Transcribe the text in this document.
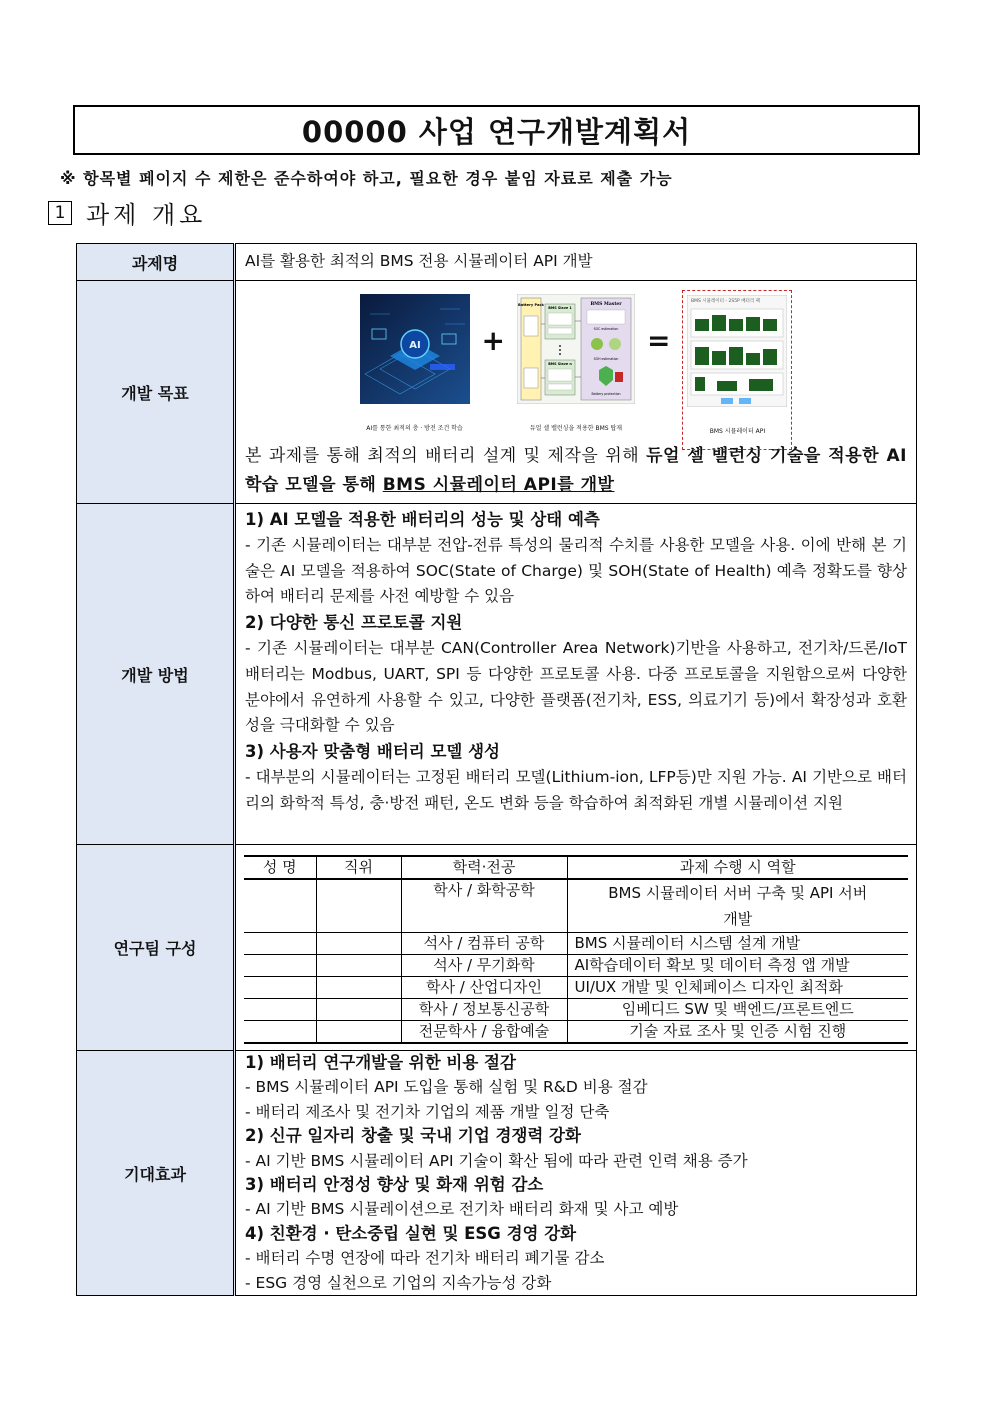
00000 사업 연구개발계획서
※ 항목별 페이지 수 제한은 준수하여야 하고, 필요한 경우 붙임 자료로 제출 가능
1 과제 개요
과제명	AI를 활용한 최적의 BMS 전용 시뮬레이터 API 개발
개발 목표	
AI
AI를 통한 최적의 충 · 방전 조건 학습
+
Battery Pack
BMS Slave 1
BMS Slave n
BMS Master
SOC estimation
SOH estimation
Battery protection
듀얼 셀 밸런싱을 적용한 BMS 탑재
=
BMS 시뮬레이터 - 2S5P 배터리 팩
BMS 시뮬레이터 API
본 과제를 통해 최적의 배터리 설계 및 제작을 위해 듀얼 셀 밸런싱 기술을 적용한 AI 학습 모델을 통해 BMS 시뮬레이터 API를 개발

개발 방법	
1) AI 모델을 적용한 배터리의 성능 및 상태 예측
- 기존 시뮬레이터는 대부분 전압-전류 특성의 물리적 수치를 사용한 모델을 사용. 이에 반해 본 기술은 AI 모델을 적용하여 SOC(State of Charge) 및 SOH(State of Health) 예측 정확도를 향상하여 배터리 문제를 사전 예방할 수 있음
2) 다양한 통신 프로토콜 지원
- 기존 시뮬레이터는 대부분 CAN(Controller Area Network)기반을 사용하고, 전기차/드론/IoT 배터리는 Modbus, UART, SPI 등 다양한 프로토콜 사용. 다중 프로토콜을 지원함으로써 다양한 분야에서 유연하게 사용할 수 있고, 다양한 플랫폼(전기차, ESS, 의료기기 등)에서 확장성과 호환성을 극대화할 수 있음
3) 사용자 맞춤형 배터리 모델 생성
- 대부분의 시뮬레이터는 고정된 배터리 모델(Lithium-ion, LFP등)만 지원 가능. AI 기반으로 배터리의 화학적 특성, 충·방전 패턴, 온도 변화 등을 학습하여 최적화된 개별 시뮬레이션 지원

연구팀 구성	
성 명	직위	학력·전공	과제 수행 시 역할
		학사 / 화학공학	BMS 시뮬레이터 서버 구축 및 API 서버 개발
		석사 / 컴퓨터 공학	BMS 시뮬레이터 시스템 설계 개발
		석사 / 무기화학	AI학습데이터 확보 및 데이터 측정 앱 개발
		학사 / 산업디자인	UI/UX 개발 및 인체페이스 디자인 최적화
		학사 / 정보통신공학	임베디드 SW 및 백엔드/프론트엔드
		전문학사 / 융합예술	기술 자료 조사 및 인증 시험 진행

기대효과	
1) 배터리 연구개발을 위한 비용 절감
- BMS 시뮬레이터 API 도입을 통해 실험 및 R&D 비용 절감
- 배터리 제조사 및 전기차 기업의 제품 개발 일정 단축
2) 신규 일자리 창출 및 국내 기업 경쟁력 강화
- AI 기반 BMS 시뮬레이터 API 기술이 확산 됨에 따라 관련 인력 채용 증가
3) 배터리 안정성 향상 및 화재 위험 감소
- AI 기반 BMS 시뮬레이션으로 전기차 배터리 화재 및 사고 예방
4) 친환경 · 탄소중립 실현 및 ESG 경영 강화
- 배터리 수명 연장에 따라 전기차 배터리 폐기물 감소
- ESG 경영 실천으로 기업의 지속가능성 강화
